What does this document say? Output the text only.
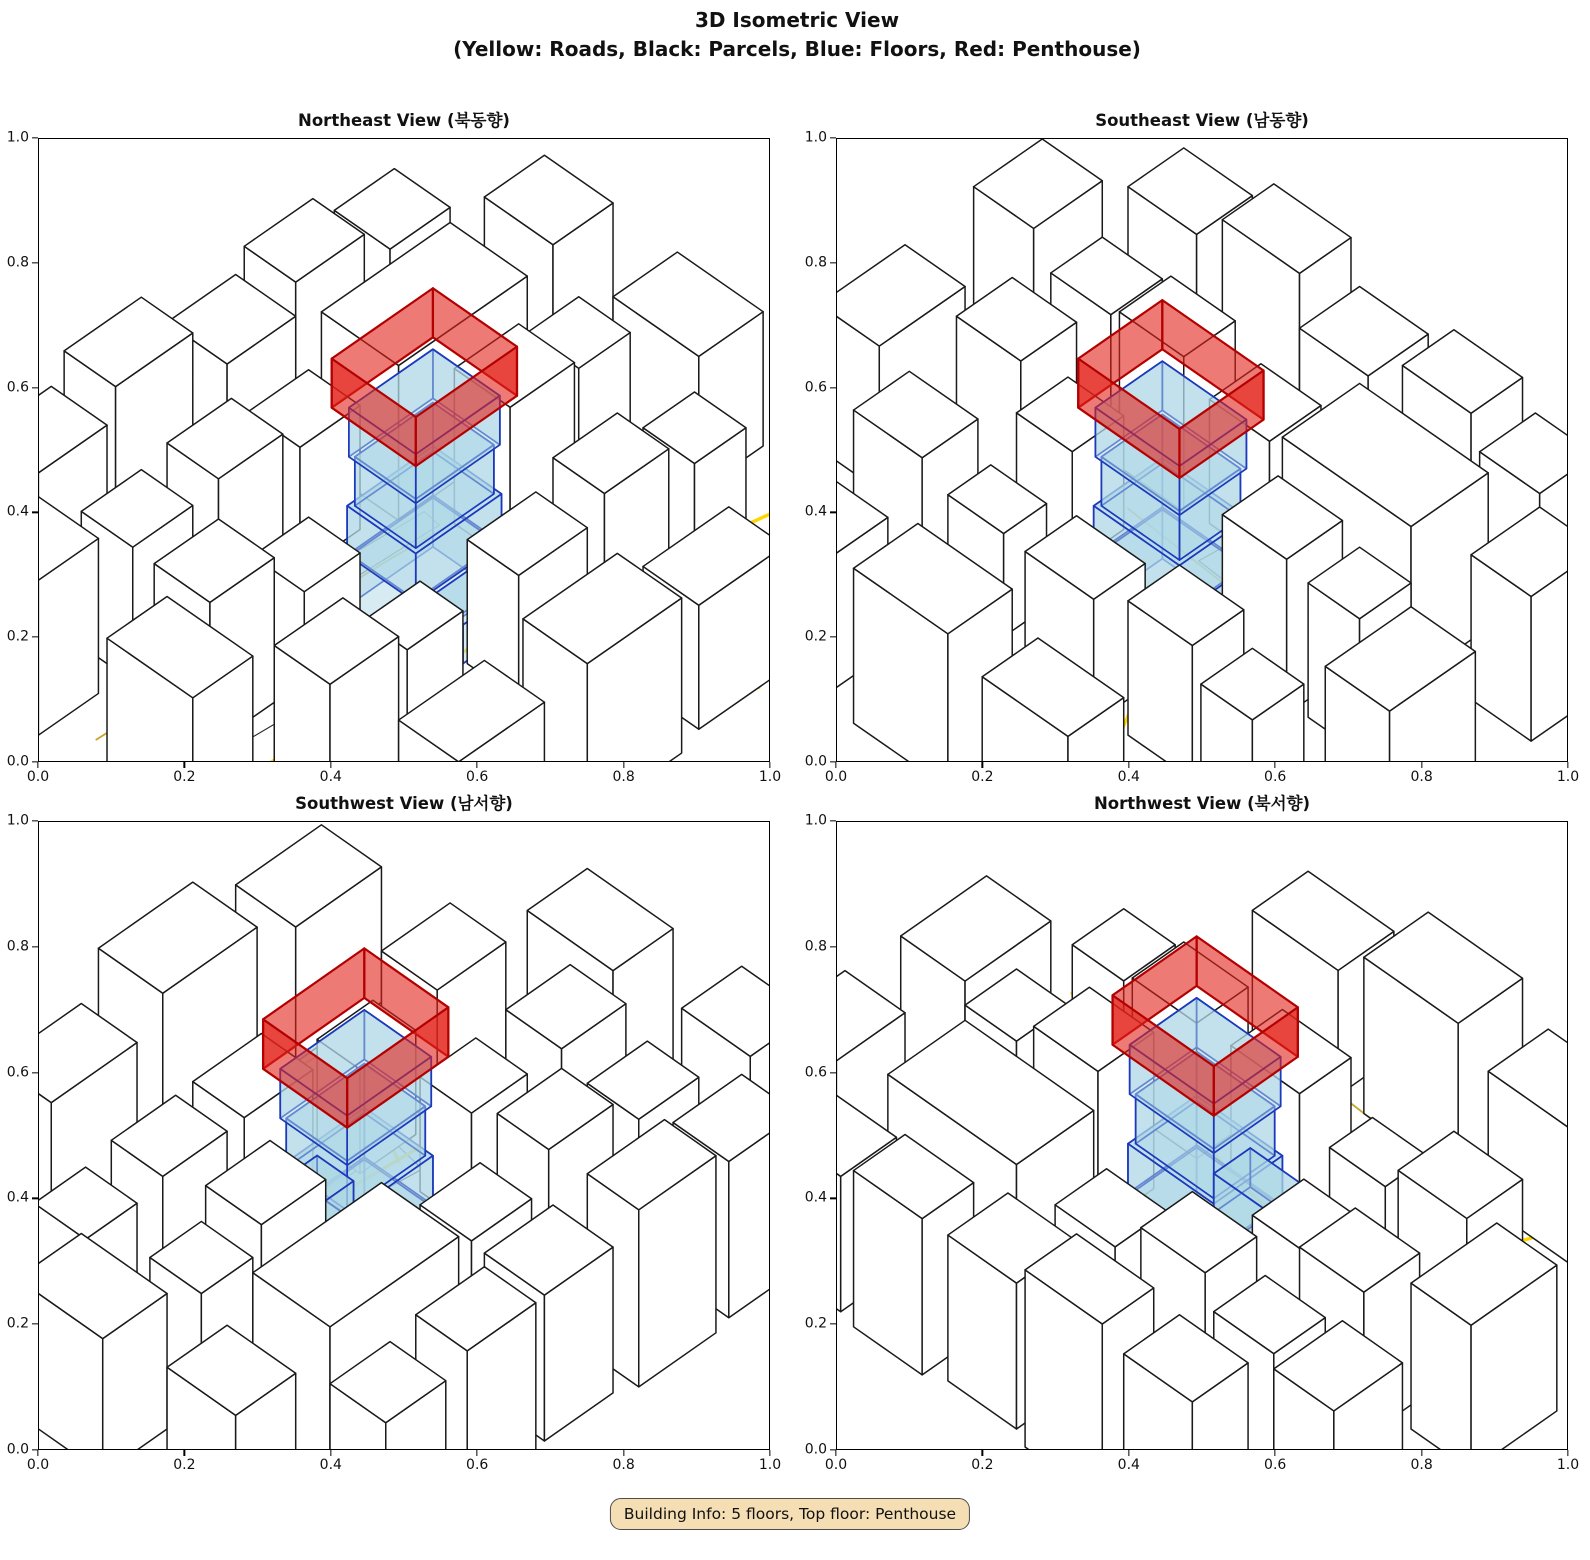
3D Isometric View
(Yellow: Roads, Black: Parcels, Blue: Floors, Red: Penthouse)
Northeast View (북동향)	Southeast View (남동향)
Southwest View (남서향)	Northwest View (북서향)
Building Info: 5 floors, Top floor: Penthouse
0.0
0.0
0.2
0.2
0.4
0.4
0.6
0.6
0.8
0.8
1.0
1.0
0.0
0.0
0.2
0.2
0.4
0.4
0.6
0.6
0.8
0.8
1.0
1.0
0.0
0.0
0.2
0.2
0.4
0.4
0.6
0.6
0.8
0.8
1.0
1.0
0.0
0.0
0.2
0.2
0.4
0.4
0.6
0.6
0.8
0.8
1.0
1.0
